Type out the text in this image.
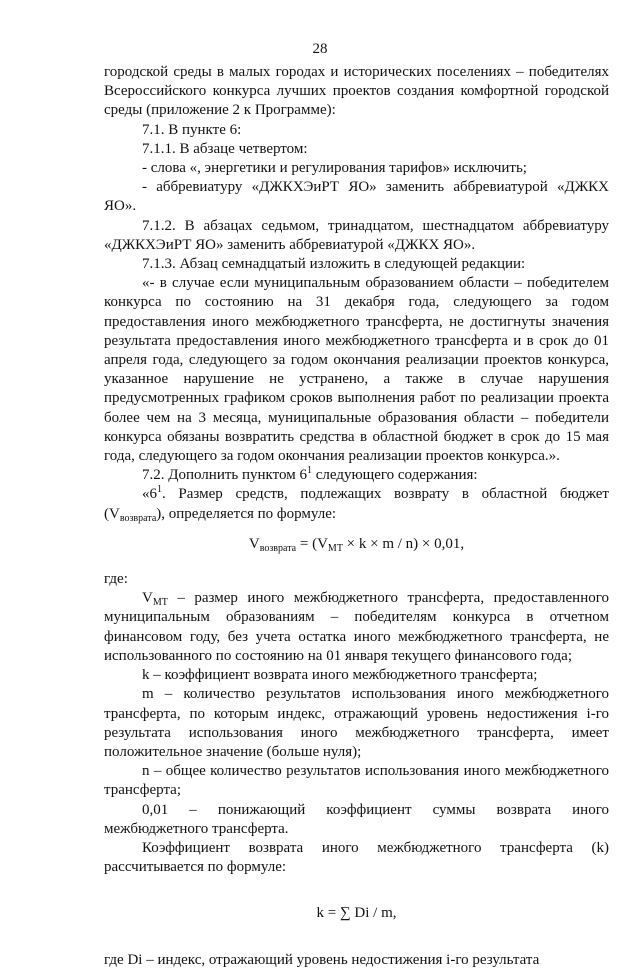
28

городской среды в малых городах и исторических поселениях – победителях Всероссийского конкурса лучших проектов создания комфортной городской среды (приложение 2 к Программе):

7.1. В пункте 6:

7.1.1. В абзаце четвертом:

- слова «, энергетики и регулирования тарифов» исключить;

- аббревиатуру «ДЖКХЭиРТ ЯО» заменить аббревиатурой «ДЖКХ ЯО».

7.1.2. В абзацах седьмом, тринадцатом, шестнадцатом аббревиатуру «ДЖКХЭиРТ ЯО» заменить аббревиатурой «ДЖКХ ЯО».

7.1.3. Абзац семнадцатый изложить в следующей редакции:

«- в случае если муниципальным образованием области – победителем конкурса по состоянию на 31 декабря года, следующего за годом предоставления иного межбюджетного трансферта, не достигнуты значения результата предоставления иного межбюджетного трансферта и в срок до 01 апреля года, следующего за годом окончания реализации проектов конкурса, указанное нарушение не устранено, а также в случае нарушения предусмотренных графиком сроков выполнения работ по реализации проекта более чем на 3 месяца, муниципальные образования области – победители конкурса обязаны возвратить средства в областной бюджет в срок до 15 мая года, следующего за годом окончания реализации проектов конкурса.».

7.2. Дополнить пунктом $6^1$ следующего содержания:

«$6^1$. Размер средств, подлежащих возврату в областной бюджет $(V_{возврата})$, определяется по формуле:

$V_{возврата} = (V_{МТ} \times k \times m / n) \times 0,01$,

где:

$V_{МТ}$ – размер иного межбюджетного трансферта, предоставленного муниципальным образованиям – победителям конкурса в отчетном финансовом году, без учета остатка иного межбюджетного трансферта, не использованного по состоянию на 01 января текущего финансового года;

k – коэффициент возврата иного межбюджетного трансферта;

m – количество результатов использования иного межбюджетного трансферта, по которым индекс, отражающий уровень недостижения i-го результата использования иного межбюджетного трансферта, имеет положительное значение (больше нуля);

n – общее количество результатов использования иного межбюджетного трансферта;

0,01 – понижающий коэффициент суммы возврата иного межбюджетного трансферта.

Коэффициент возврата иного межбюджетного трансферта (k) рассчитывается по формуле:

k = ∑ Di / m,

где Di – индекс, отражающий уровень недостижения i-го результата
